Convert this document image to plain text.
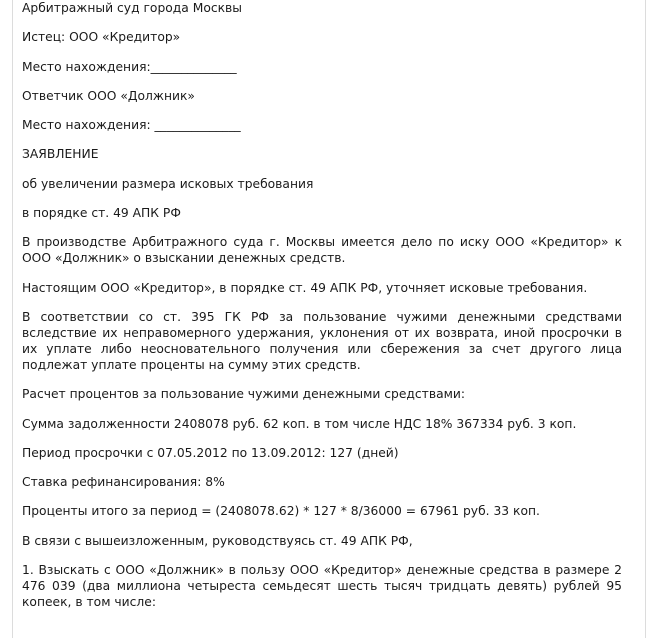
Арбитражный суд города Москвы

Истец: ООО «Кредитор»

Место нахождения:______________

Ответчик ООО «Должник»

Место нахождения: ______________

ЗАЯВЛЕНИЕ

об увеличении размера исковых требования

в порядке ст. 49 АПК РФ

В производстве Арбитражного суда г. Москвы имеется дело по иску ООО «Кредитор» к ООО «Должник» о взыскании денежных средств.

Настоящим ООО «Кредитор», в порядке ст. 49 АПК РФ, уточняет исковые требования.

В соответствии со ст. 395 ГК РФ за пользование чужими денежными средствами вследствие их неправомерного удержания, уклонения от их возврата, иной просрочки в их уплате либо неосновательного получения или сбережения за счет другого лица подлежат уплате проценты на сумму этих средств.

Расчет процентов за пользование чужими денежными средствами:

Сумма задолженности 2408078 руб. 62 коп. в том числе НДС 18% 367334 руб. 3 коп.

Период просрочки с 07.05.2012 по 13.09.2012: 127 (дней)

Ставка рефинансирования: 8%

Проценты итого за период = (2408078.62) * 127 * 8/36000 = 67961 руб. 33 коп.

В связи с вышеизложенным, руководствуясь ст. 49 АПК РФ,

1. Взыскать с ООО «Должник» в пользу ООО «Кредитор» денежные средства в размере 2 476 039 (два миллиона четыреста семьдесят шесть тысяч тридцать девять) рублей 95 копеек, в том числе:
